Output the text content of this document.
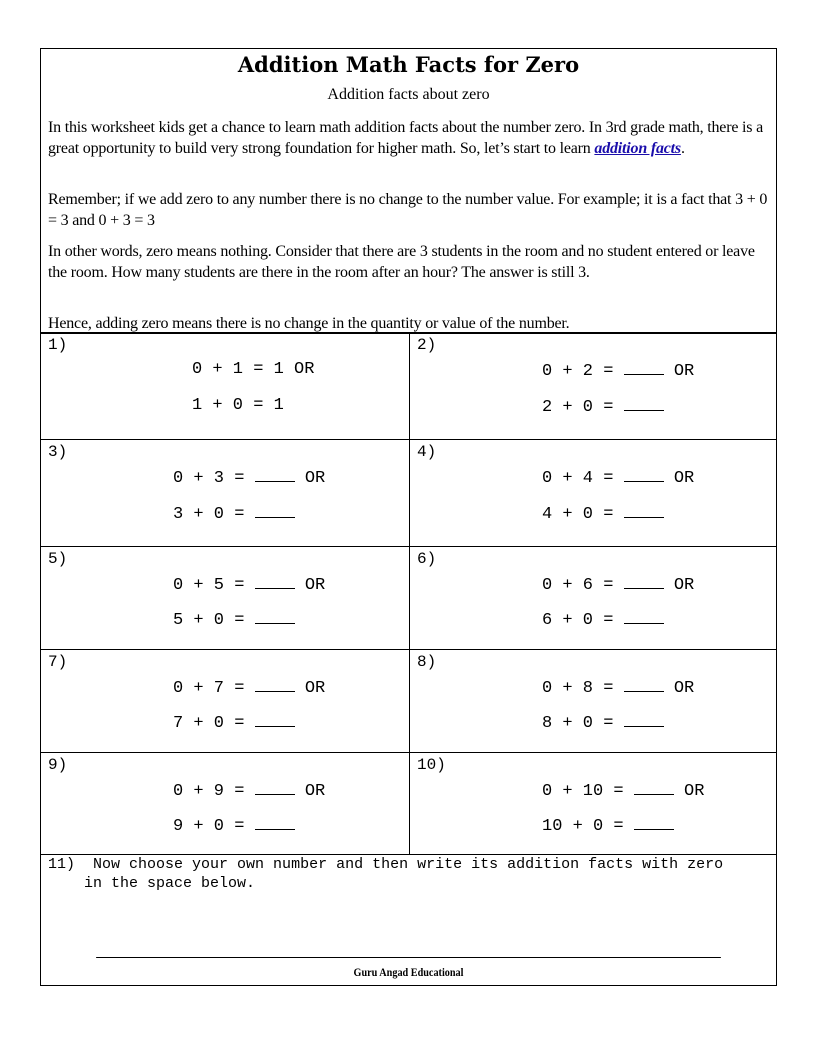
Addition Math Facts for Zero
Addition facts about zero
In this worksheet kids get a chance to learn math addition facts about the number zero. In 3rd grade math, there is a great opportunity to build very strong foundation for higher math. So, let’s start to learn addition facts.
Remember; if we add zero to any number there is no change to the number value. For example; it is a fact that 3 + 0 = 3 and 0 + 3 = 3
In other words, zero means nothing. Consider that there are 3 students in the room and no student entered or leave the room. How many students are there in the room after an hour? The answer is still 3.
Hence, adding zero means there is no change in the quantity or value of the number.
1)
0 + 1 = 1 OR
1 + 0 = 1
2)
0 + 2 =	OR
2 + 0 =
3)
0 + 3 =	OR
3 + 0 =
4)
0 + 4 =	OR
4 + 0 =
5)
0 + 5 =	OR
5 + 0 =
6)
0 + 6 =	OR
6 + 0 =
7)
0 + 7 =	OR
7 + 0 =
8)
0 + 8 =	OR
8 + 0 =
9)
0 + 9 =	OR
9 + 0 =
10)
0 + 10 =	OR
10 + 0 =
11) Now choose your own number and then write its addition facts with zero
in the space below.
Guru Angad Educational
